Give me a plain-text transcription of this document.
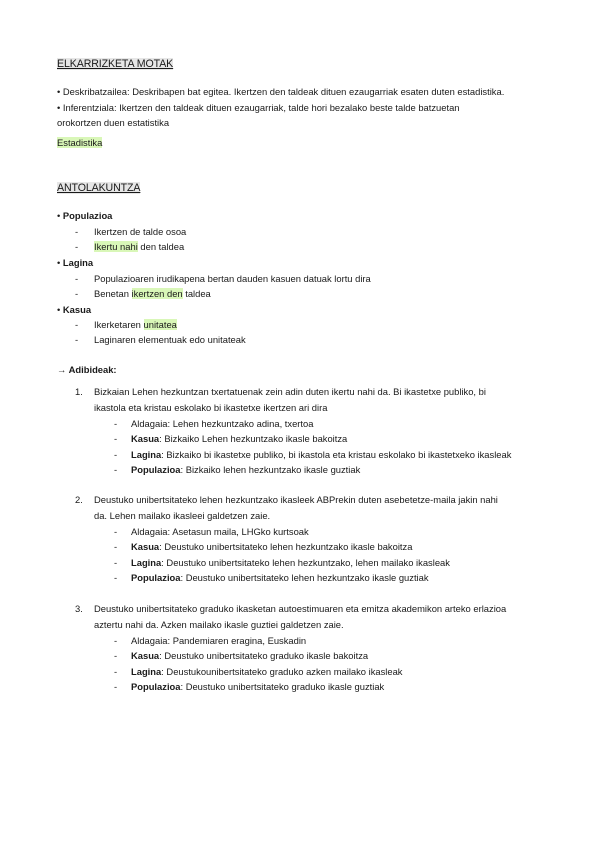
ELKARRIZKETA MOTAK
• Deskribatzailea: Deskribapen bat egitea. Ikertzen den taldeak dituen ezaugarriak esaten duten estadistika.
• Inferentziala: Ikertzen den taldeak dituen ezaugarriak, talde hori bezalako beste talde batzuetan
orokortzen duen estatistika
Estadistika
ANTOLAKUNTZA
• Populazioa
- Ikertzen de talde osoa
- Ikertu nahi den taldea
• Lagina
- Populazioaren irudikapena bertan dauden kasuen datuak lortu dira
- Benetan ikertzen den taldea
• Kasua
- Ikerketaren unitatea
- Laginaren elementuak edo unitateak
→ Adibideak:
1. Bizkaian Lehen hezkuntzan txertatuenak zein adin duten ikertu nahi da. Bi ikastetxe publiko, bi
ikastola eta kristau eskolako bi ikastetxe ikertzen ari dira
- Aldagaia: Lehen hezkuntzako adina, txertoa
- Kasua: Bizkaiko Lehen hezkuntzako ikasle bakoitza
- Lagina: Bizkaiko bi ikastetxe publiko, bi ikastola eta kristau eskolako bi ikastetxeko ikasleak
- Populazioa: Bizkaiko lehen hezkuntzako ikasle guztiak
2. Deustuko unibertsitateko lehen hezkuntzako ikasleek ABPrekin duten asebetetze-maila jakin nahi
da. Lehen mailako ikasleei galdetzen zaie.
- Aldagaia: Asetasun maila, LHGko kurtsoak
- Kasua: Deustuko unibertsitateko lehen hezkuntzako ikasle bakoitza
- Lagina: Deustuko unibertsitateko lehen hezkuntzako, lehen mailako ikasleak
- Populazioa: Deustuko unibertsitateko lehen hezkuntzako ikasle guztiak
3. Deustuko unibertsitateko graduko ikasketan autoestimuaren eta emitza akademikon arteko erlazioa
aztertu nahi da. Azken mailako ikasle guztiei galdetzen zaie.
- Aldagaia: Pandemiaren eragina, Euskadin
- Kasua: Deustuko unibertsitateko graduko ikasle bakoitza
- Lagina: Deustukounibertsitateko graduko azken mailako ikasleak
- Populazioa: Deustuko unibertsitateko graduko ikasle guztiak
